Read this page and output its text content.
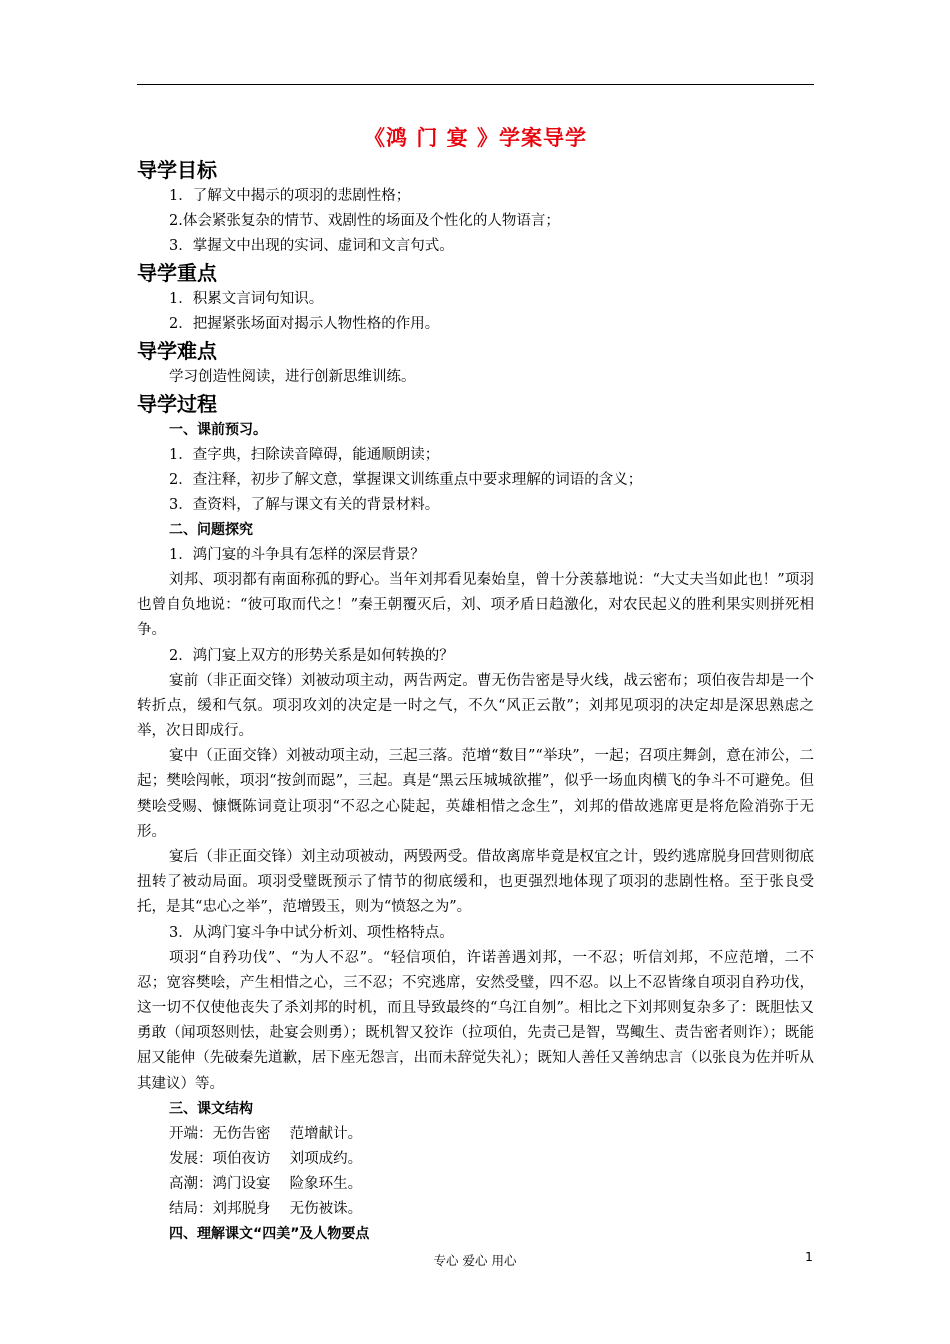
《鸿 门 宴 》学案导学
导学目标
1．了解文中揭示的项羽的悲剧性格；
2.体会紧张复杂的情节、戏剧性的场面及个性化的人物语言；
3．掌握文中出现的实词、虚词和文言句式。
导学重点
1．积累文言词句知识。
2．把握紧张场面对揭示人物性格的作用。
导学难点
学习创造性阅读，进行创新思维训练。
导学过程
一、课前预习。
1．查字典，扫除读音障碍，能通顺朗读；
2．查注释，初步了解文意，掌握课文训练重点中要求理解的词语的含义；
3．查资料，了解与课文有关的背景材料。
二、问题探究
1．鸿门宴的斗争具有怎样的深层背景？

刘邦、项羽都有南面称孤的野心。当年刘邦看见秦始皇，曾十分羡慕地说：“大丈夫当如此也！”项羽也曾自负地说：“彼可取而代之！”秦王朝覆灭后，刘、项矛盾日趋激化，对农民起义的胜利果实则拼死相争。

2．鸿门宴上双方的形势关系是如何转换的？

宴前（非正面交锋）刘被动项主动，两告两定。曹无伤告密是导火线，战云密布；项伯夜告却是一个转折点，缓和气氛。项羽攻刘的决定是一时之气，不久“风正云散”；刘邦见项羽的决定却是深思熟虑之举，次日即成行。

宴中（正面交锋）刘被动项主动，三起三落。范增“数目”“举玦”，一起；召项庄舞剑，意在沛公，二起；樊哙闯帐，项羽“按剑而跽”，三起。真是“黑云压城城欲摧”，似乎一场血肉横飞的争斗不可避免。但樊哙受赐、慷慨陈词竟让项羽“不忍之心陡起，英雄相惜之念生”，刘邦的借故逃席更是将危险消弥于无形。

宴后（非正面交锋）刘主动项被动，两毁两受。借故离席毕竟是权宜之计，毁约逃席脱身回营则彻底扭转了被动局面。项羽受璧既预示了情节的彻底缓和，也更强烈地体现了项羽的悲剧性格。至于张良受托，是其“忠心之举”，范增毁玉，则为“愤怒之为”。

3．从鸿门宴斗争中试分析刘、项性格特点。

项羽“自矜功伐”、“为人不忍”。“轻信项伯，许诺善遇刘邦，一不忍；听信刘邦，不应范增，二不忍；宽容樊哙，产生相惜之心，三不忍；不究逃席，安然受璧，四不忍。以上不忍皆缘自项羽自矜功伐，这一切不仅使他丧失了杀刘邦的时机，而且导致最终的“乌江自刎”。相比之下刘邦则复杂多了：既胆怯又勇敢（闻项怒则怯，赴宴会则勇）；既机智又狡诈（拉项伯，先责己是智，骂鲰生、责告密者则诈）；既能屈又能伸（先破秦先道歉，居下座无怨言，出而未辞觉失礼）；既知人善任又善纳忠言（以张良为佐并听从其建议）等。

三、课文结构
开端：无伤告密　 范增献计。
发展：项伯夜访　 刘项成约。
高潮：鸿门设宴　 险象环生。
结局：刘邦脱身　 无伤被诛。
四、理解课文“四美”及人物要点
专心 爱心 用心	1
